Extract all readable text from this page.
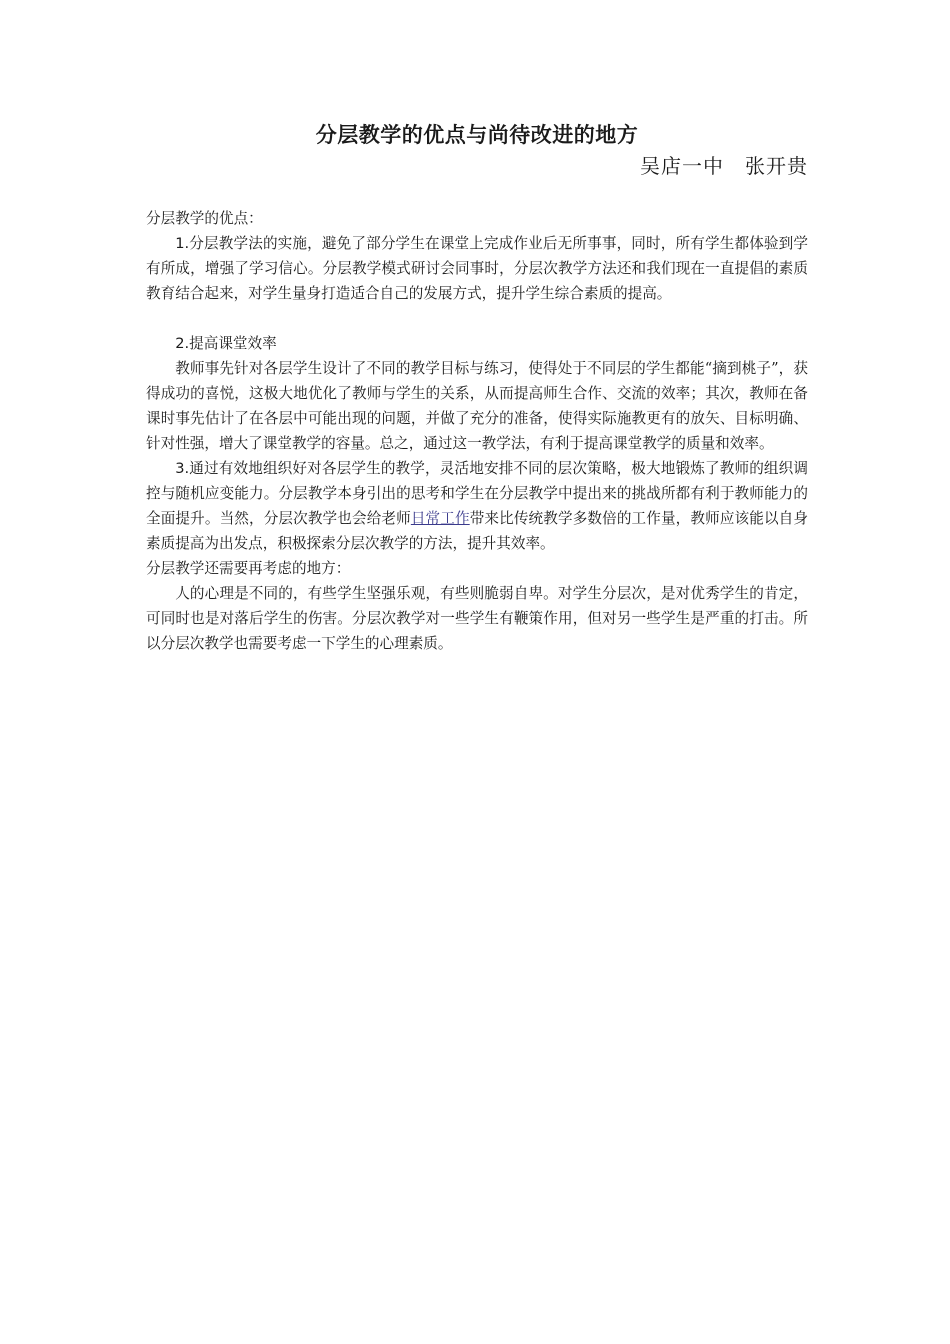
分层教学的优点与尚待改进的地方

吴店一中　张开贵

分层教学的优点：

1.分层教学法的实施，避免了部分学生在课堂上完成作业后无所事事，同时，所有学生都体验到学有所成，增强了学习信心。分层教学模式研讨会同事时，分层次教学方法还和我们现在一直提倡的素质教育结合起来，对学生量身打造适合自己的发展方式，提升学生综合素质的提高。

2.提高课堂效率

教师事先针对各层学生设计了不同的教学目标与练习，使得处于不同层的学生都能“摘到桃子”，获得成功的喜悦，这极大地优化了教师与学生的关系，从而提高师生合作、交流的效率；其次，教师在备课时事先估计了在各层中可能出现的问题，并做了充分的准备，使得实际施教更有的放矢、目标明确、针对性强，增大了课堂教学的容量。总之，通过这一教学法，有利于提高课堂教学的质量和效率。

3.通过有效地组织好对各层学生的教学，灵活地安排不同的层次策略，极大地锻炼了教师的组织调控与随机应变能力。分层教学本身引出的思考和学生在分层教学中提出来的挑战所都有利于教师能力的全面提升。当然，分层次教学也会给老师日常工作带来比传统教学多数倍的工作量，教师应该能以自身素质提高为出发点，积极探索分层次教学的方法，提升其效率。

分层教学还需要再考虑的地方：

人的心理是不同的，有些学生坚强乐观，有些则脆弱自卑。对学生分层次，是对优秀学生的肯定，可同时也是对落后学生的伤害。分层次教学对一些学生有鞭策作用，但对另一些学生是严重的打击。所以分层次教学也需要考虑一下学生的心理素质。
